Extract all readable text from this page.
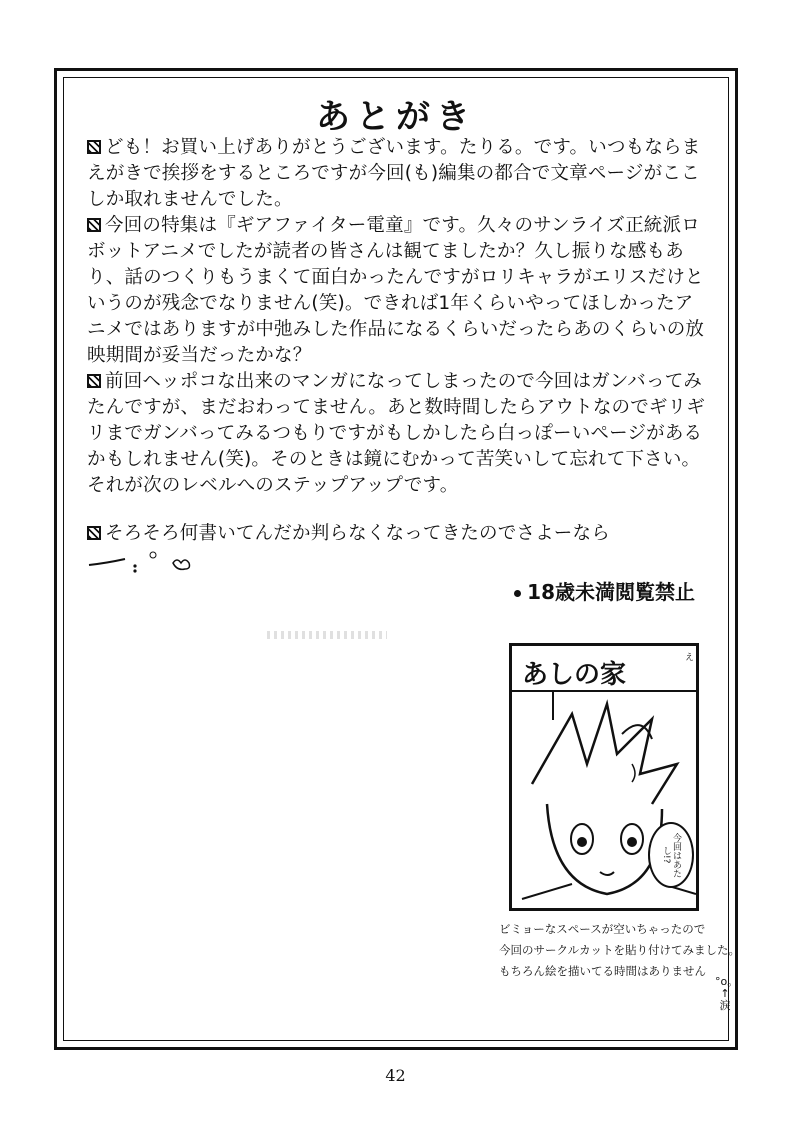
あとがき

ども！お買い上げありがとうございます。たりる。です。いつもならまえがきで挨拶をするところですが今回(も)編集の都合で文章ページがここしか取れませんでした。

今回の特集は『ギアファイター電童』です。久々のサンライズ正統派ロボットアニメでしたが読者の皆さんは観てましたか？久し振りな感もあり、話のつくりもうまくて面白かったんですがロリキャラがエリスだけというのが残念でなりません(笑)。できれば1年くらいやってほしかったアニメではありますが中弛みした作品になるくらいだったらあのくらいの放映期間が妥当だったかな？

前回ヘッポコな出来のマンガになってしまったので今回はガンバってみたんですが、まだおわってません。あと数時間したらアウトなのでギリギリまでガンバってみるつもりですがもしかしたら白っぽーいページがあるかもしれません(笑)。そのときは鏡にむかって苦笑いして忘れて下さい。それが次のレベルへのステップアップです。

そろそろ何書いてんだか判らなくなってきたのでさよーなら

18歳未満閲覧禁止
あしの家
え
今回はあたし!?
ビミョーなスペースが空いちゃったので
今回のサークルカットを貼り付けてみました。
もちろん絵を描いてる時間はありません
°o。
↑
涙
42
